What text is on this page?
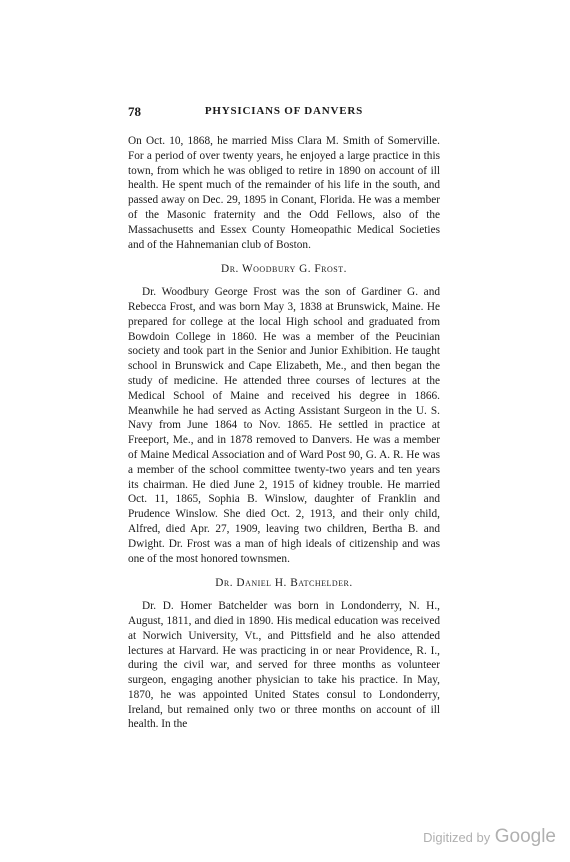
78	PHYSICIANS OF DANVERS

On Oct. 10, 1868, he married Miss Clara M. Smith of Somerville. For a period of over twenty years, he enjoyed a large practice in this town, from which he was obliged to retire in 1890 on account of ill health. He spent much of the remainder of his life in the south, and passed away on Dec. 29, 1895 in Conant, Florida. He was a member of the Masonic fraternity and the Odd Fellows, also of the Massachusetts and Essex County Homeopathic Medical Societies and of the Hahnemanian club of Boston.

Dr. Woodbury G. Frost.

Dr. Woodbury George Frost was the son of Gardiner G. and Rebecca Frost, and was born May 3, 1838 at Brunswick, Maine. He prepared for college at the local High school and graduated from Bowdoin College in 1860. He was a member of the Peucinian society and took part in the Senior and Junior Exhibition. He taught school in Brunswick and Cape Elizabeth, Me., and then began the study of medicine. He attended three courses of lectures at the Medical School of Maine and received his degree in 1866. Meanwhile he had served as Acting Assistant Surgeon in the U. S. Navy from June 1864 to Nov. 1865. He settled in practice at Freeport, Me., and in 1878 removed to Danvers. He was a member of Maine Medical Association and of Ward Post 90, G. A. R. He was a member of the school committee twenty-two years and ten years its chairman. He died June 2, 1915 of kidney trouble. He married Oct. 11, 1865, Sophia B. Winslow, daughter of Franklin and Prudence Winslow. She died Oct. 2, 1913, and their only child, Alfred, died Apr. 27, 1909, leaving two children, Bertha B. and Dwight. Dr. Frost was a man of high ideals of citizenship and was one of the most honored townsmen.

Dr. Daniel H. Batchelder.

Dr. D. Homer Batchelder was born in Londonderry, N. H., August, 1811, and died in 1890. His medical education was received at Norwich University, Vt., and Pittsfield and he also attended lectures at Harvard. He was practicing in or near Providence, R. I., during the civil war, and served for three months as volunteer surgeon, engaging another physician to take his practice. In May, 1870, he was appointed United States consul to Londonderry, Ireland, but remained only two or three months on account of ill health. In the

Digitized by Google
